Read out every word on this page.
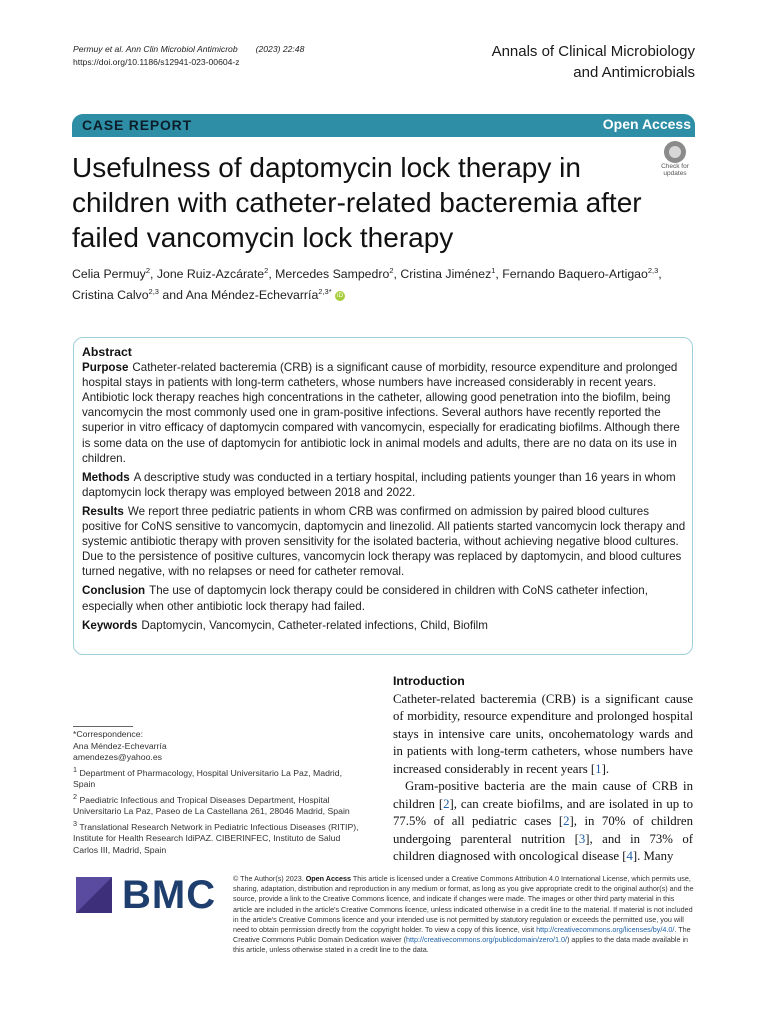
Permuy et al. Ann Clin Microbiol Antimicrob (2023) 22:48
https://doi.org/10.1186/s12941-023-00604-z
Annals of Clinical Microbiology
and Antimicrobials
CASE REPORT	Open Access
Usefulness of daptomycin lock therapy in children with catheter-related bacteremia after failed vancomycin lock therapy
Check for
updates
Celia Permuy$^2$, Jone Ruiz-Azcárate$^2$, Mercedes Sampedro$^2$, Cristina Jiménez$^1$, Fernando Baquero-Artigao$^{2,3}$, Cristina Calvo$^{2,3}$ and Ana Méndez-Echevarría$^{2,3*}$ iD
Abstract

Purpose Catheter-related bacteremia (CRB) is a significant cause of morbidity, resource expenditure and prolonged hospital stays in patients with long-term catheters, whose numbers have increased considerably in recent years. Antibiotic lock therapy reaches high concentrations in the catheter, allowing good penetration into the biofilm, being vancomycin the most commonly used one in gram-positive infections. Several authors have recently reported the superior in vitro efficacy of daptomycin compared with vancomycin, especially for eradicating biofilms. Although there is some data on the use of daptomycin for antibiotic lock in animal models and adults, there are no data on its use in children.

Methods A descriptive study was conducted in a tertiary hospital, including patients younger than 16 years in whom daptomycin lock therapy was employed between 2018 and 2022.

Results We report three pediatric patients in whom CRB was confirmed on admission by paired blood cultures positive for CoNS sensitive to vancomycin, daptomycin and linezolid. All patients started vancomycin lock therapy and systemic antibiotic therapy with proven sensitivity for the isolated bacteria, without achieving negative blood cultures. Due to the persistence of positive cultures, vancomycin lock therapy was replaced by daptomycin, and blood cultures turned negative, with no relapses or need for catheter removal.

Conclusion The use of daptomycin lock therapy could be considered in children with CoNS catheter infection, especially when other antibiotic lock therapy had failed.

Keywords Daptomycin, Vancomycin, Catheter-related infections, Child, Biofilm

Introduction

Catheter-related bacteremia (CRB) is a significant cause of morbidity, resource expenditure and prolonged hospital stays in intensive care units, oncohematology wards and in patients with long-term catheters, whose numbers have increased considerably in recent years [1].

Gram-positive bacteria are the main cause of CRB in children [2], can create biofilms, and are isolated in up to 77.5% of all pediatric cases [2], in 70% of children undergoing parenteral nutrition [3], and in 73% of children diagnosed with oncological disease [4]. Many

*Correspondence:

Ana Méndez-Echevarría

amendezes@yahoo.es

$^1$ Department of Pharmacology, Hospital Universitario La Paz, Madrid, Spain

$^2$ Paediatric Infectious and Tropical Diseases Department, Hospital Universitario La Paz, Paseo de La Castellana 261, 28046 Madrid, Spain

$^3$ Translational Research Network in Pediatric Infectious Diseases (RITIP), Institute for Health Research IdiPAZ. CIBERINFEC, Instituto de Salud Carlos III, Madrid, Spain

BMC © The Author(s) 2023. Open Access This article is licensed under a Creative Commons Attribution 4.0 International License, which permits use, sharing, adaptation, distribution and reproduction in any medium or format, as long as you give appropriate credit to the original author(s) and the source, provide a link to the Creative Commons licence, and indicate if changes were made. The images or other third party material in this article are included in the article's Creative Commons licence, unless indicated otherwise in a credit line to the material. If material is not included in the article's Creative Commons licence and your intended use is not permitted by statutory regulation or exceeds the permitted use, you will need to obtain permission directly from the copyright holder. To view a copy of this licence, visit http://creativecommons.org/licenses/by/4.0/. The Creative Commons Public Domain Dedication waiver (http://creativecommons.org/publicdomain/zero/1.0/) applies to the data made available in this article, unless otherwise stated in a credit line to the data.
